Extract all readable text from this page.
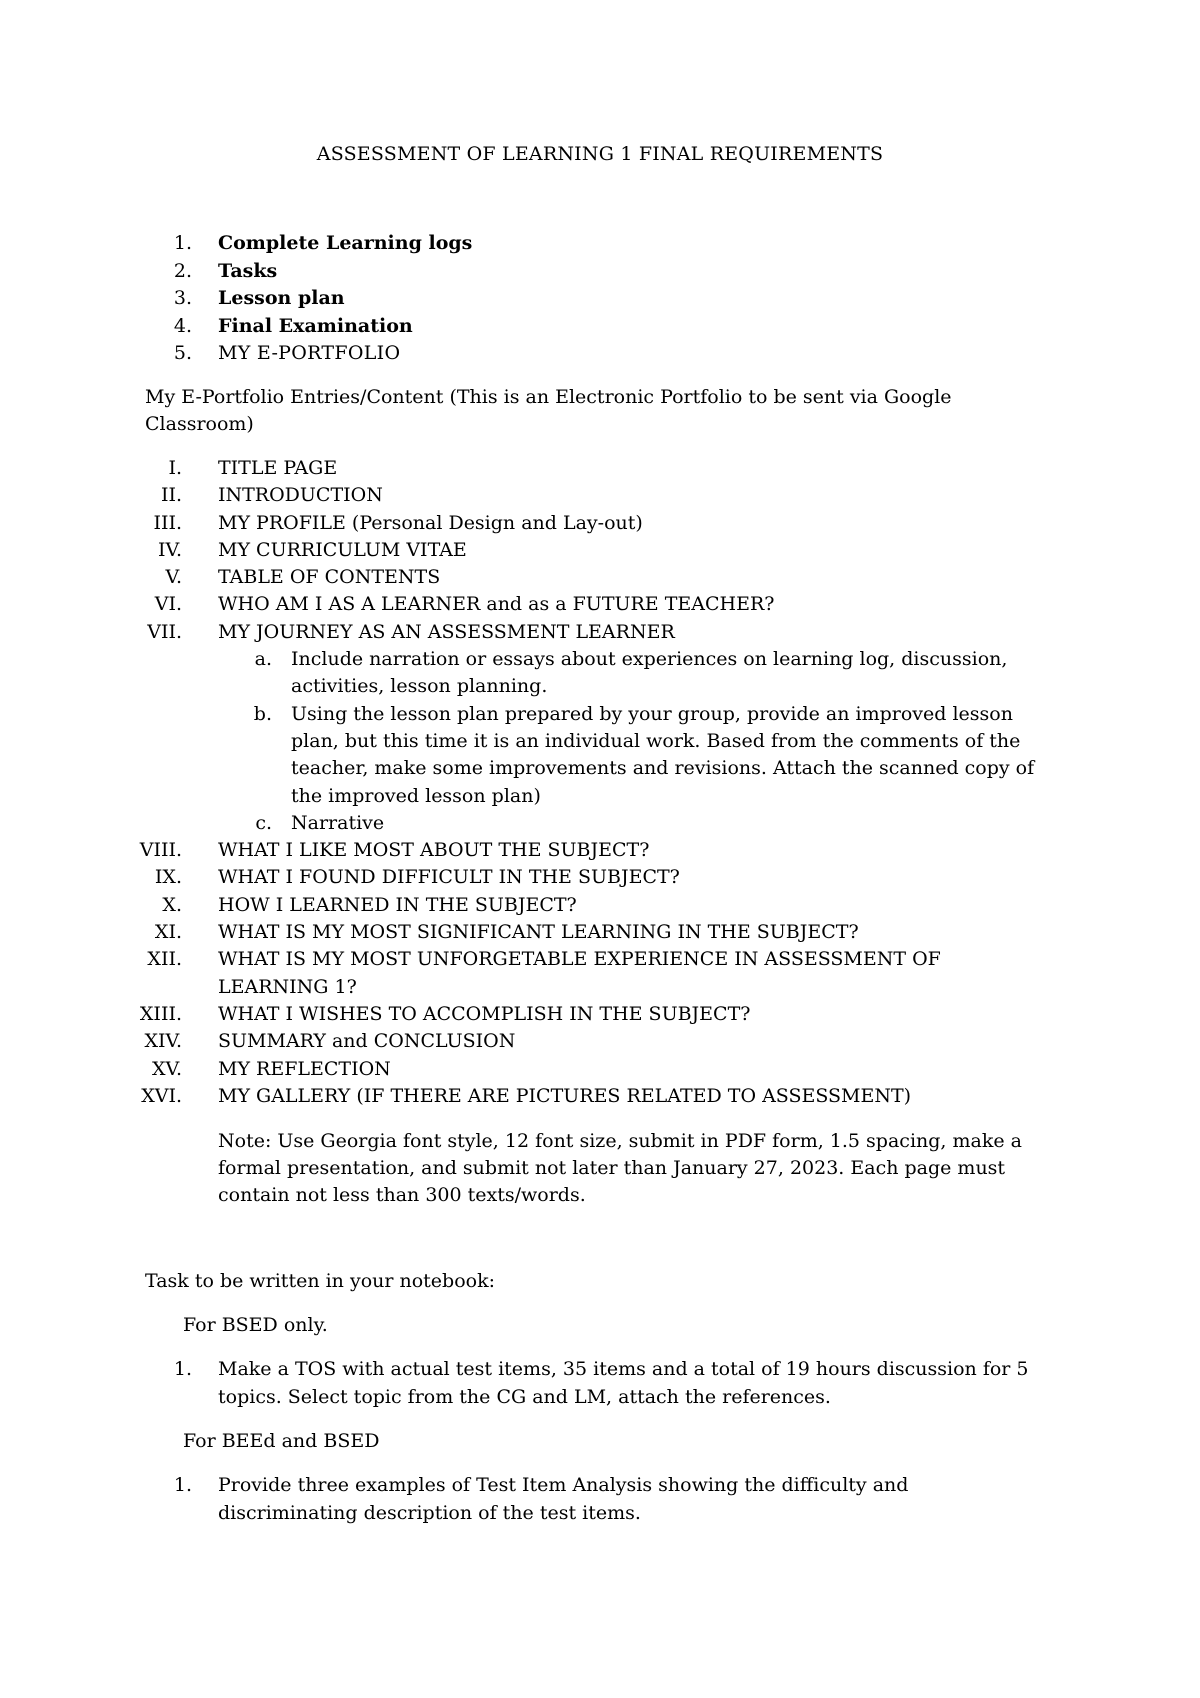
ASSESSMENT OF LEARNING 1 FINAL REQUIREMENTS
1. Complete Learning logs
2. Tasks
3. Lesson plan
4. Final Examination
5. MY E-PORTFOLIO
My E-Portfolio Entries/Content (This is an Electronic Portfolio to be sent via Google Classroom)
I. TITLE PAGE
II. INTRODUCTION
III. MY PROFILE (Personal Design and Lay-out)
IV. MY CURRICULUM VITAE
V. TABLE OF CONTENTS
VI. WHO AM I AS A LEARNER and as a FUTURE TEACHER?
VII. MY JOURNEY AS AN ASSESSMENT LEARNER
a. Include narration or essays about experiences on learning log, discussion, activities, lesson planning.
b. Using the lesson plan prepared by your group, provide an improved lesson plan, but this time it is an individual work. Based from the comments of the teacher, make some improvements and revisions. Attach the scanned copy of the improved lesson plan)
c. Narrative
VIII. WHAT I LIKE MOST ABOUT THE SUBJECT?
IX. WHAT I FOUND DIFFICULT IN THE SUBJECT?
X. HOW I LEARNED IN THE SUBJECT?
XI. WHAT IS MY MOST SIGNIFICANT LEARNING IN THE SUBJECT?
XII. WHAT IS MY MOST UNFORGETABLE EXPERIENCE IN ASSESSMENT OF LEARNING 1?
XIII. WHAT I WISHES TO ACCOMPLISH IN THE SUBJECT?
XIV. SUMMARY and CONCLUSION
XV. MY REFLECTION
XVI. MY GALLERY (IF THERE ARE PICTURES RELATED TO ASSESSMENT)
Note: Use Georgia font style, 12 font size, submit in PDF form, 1.5 spacing, make a formal presentation, and submit not later than January 27, 2023. Each page must contain not less than 300 texts/words.
Task to be written in your notebook:
For BSED only.
1. Make a TOS with actual test items, 35 items and a total of 19 hours discussion for 5 topics. Select topic from the CG and LM, attach the references.
For BEEd and BSED
1. Provide three examples of Test Item Analysis showing the difficulty and discriminating description of the test items.
